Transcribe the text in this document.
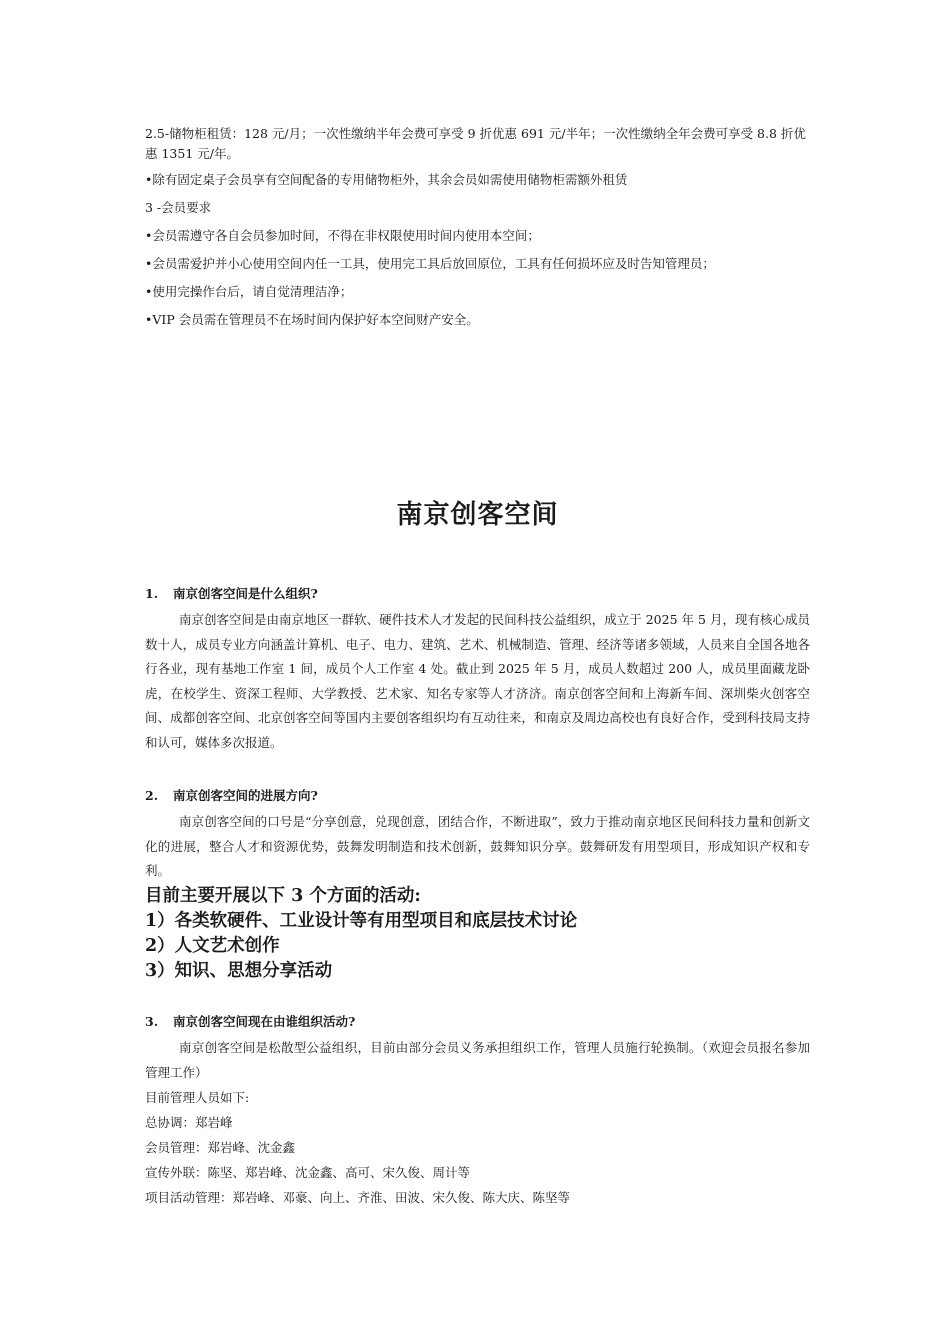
2.5-储物柜租赁：128 元/月；一次性缴纳半年会费可享受 9 折优惠 691 元/半年；一次性缴纳全年会费可享受 8.8 折优惠 1351 元/年。

•除有固定桌子会员享有空间配备的专用储物柜外，其余会员如需使用储物柜需额外租赁

3 -会员要求

•会员需遵守各自会员参加时间，不得在非权限使用时间内使用本空间；

•会员需爱护并小心使用空间内任一工具，使用完工具后放回原位，工具有任何损坏应及时告知管理员；

•使用完操作台后，请自觉清理洁净；

•VIP 会员需在管理员不在场时间内保护好本空间财产安全。

南京创客空间

1. 南京创客空间是什么组织?

南京创客空间是由南京地区一群软、硬件技术人才发起的民间科技公益组织，成立于 2025 年 5 月，现有核心成员数十人，成员专业方向涵盖计算机、电子、电力、建筑、艺术、机械制造、管理、经济等诸多领域，人员来自全国各地各行各业，现有基地工作室 1 间，成员个人工作室 4 处。截止到 2025 年 5 月，成员人数超过 200 人，成员里面藏龙卧虎，在校学生、资深工程师、大学教授、艺术家、知名专家等人才济济。南京创客空间和上海新车间、深圳柴火创客空间、成都创客空间、北京创客空间等国内主要创客组织均有互动往来，和南京及周边高校也有良好合作，受到科技局支持和认可，媒体多次报道。

2. 南京创客空间的进展方向?

南京创客空间的口号是“分享创意，兑现创意，团结合作，不断进取”，致力于推动南京地区民间科技力量和创新文化的进展，整合人才和资源优势，鼓舞发明制造和技术创新，鼓舞知识分享。鼓舞研发有用型项目，形成知识产权和专利。

目前主要开展以下 3 个方面的活动:

1）各类软硬件、工业设计等有用型项目和底层技术讨论

2）人文艺术创作

3）知识、思想分享活动

3. 南京创客空间现在由谁组织活动?

南京创客空间是松散型公益组织，目前由部分会员义务承担组织工作，管理人员施行轮换制。（欢迎会员报名参加管理工作）

目前管理人员如下:

总协调：郑岩峰

会员管理：郑岩峰、沈金鑫

宣传外联：陈坚、郑岩峰、沈金鑫、高可、宋久俊、周计等

项目活动管理：郑岩峰、邓豪、向上、齐淮、田波、宋久俊、陈大庆、陈坚等
